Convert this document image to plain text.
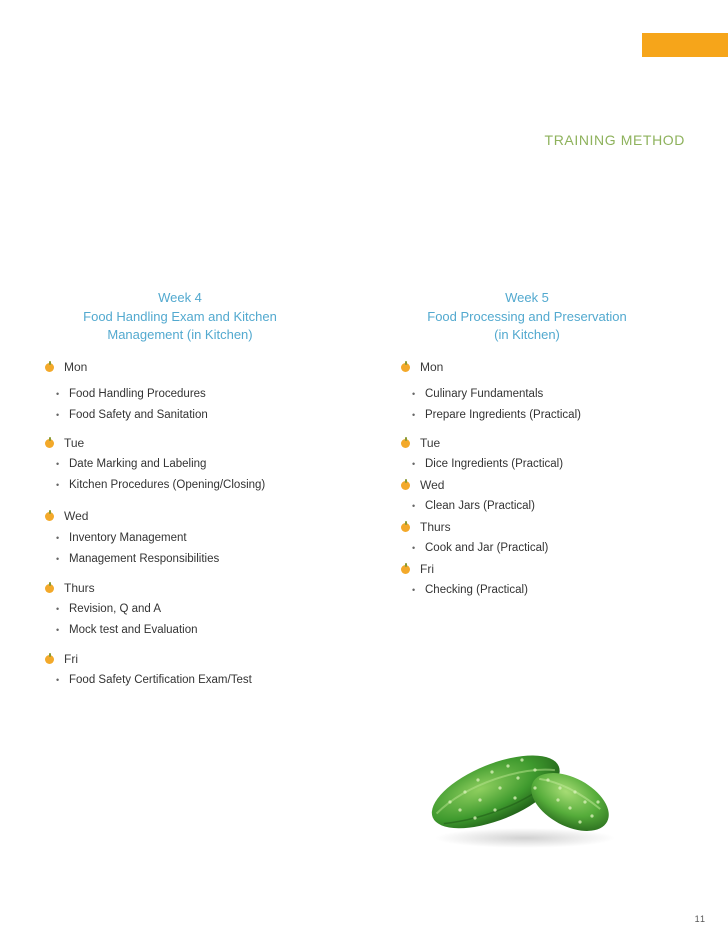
TRAINING METHOD
Week 4
Food Handling Exam and Kitchen
Management (in Kitchen)
Week 5
Food Processing and Preservation
(in Kitchen)
Mon
• Food Handling Procedures
• Food Safety and Sanitation
Tue
• Date Marking and Labeling
• Kitchen Procedures (Opening/Closing)
Wed
• Inventory Management
• Management Responsibilities
Thurs
• Revision, Q and A
• Mock test and Evaluation
Fri
• Food Safety Certification Exam/Test
Mon
• Culinary Fundamentals
• Prepare Ingredients (Practical)
Tue
• Dice Ingredients (Practical)
Wed
• Clean Jars (Practical)
Thurs
• Cook and Jar (Practical)
Fri
• Checking (Practical)
11
